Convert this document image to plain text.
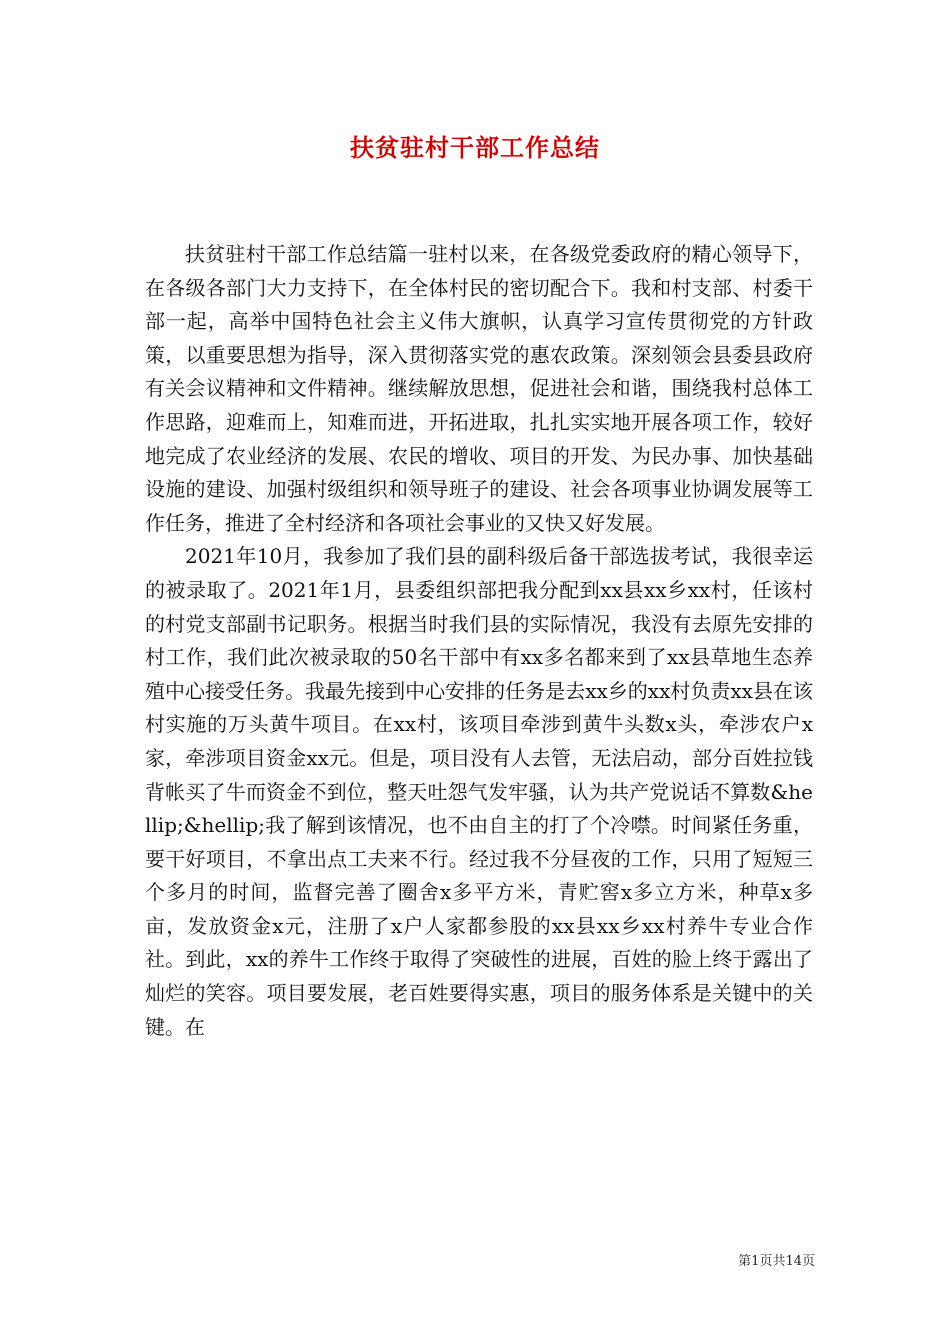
扶贫驻村干部工作总结

扶贫驻村干部工作总结篇一驻村以来，在各级党委政府的精心领导下，在各级各部门大力支持下，在全体村民的密切配合下。我和村支部、村委干部一起，高举中国特色社会主义伟大旗帜，认真学习宣传贯彻党的方针政策，以重要思想为指导，深入贯彻落实党的惠农政策。深刻领会县委县政府有关会议精神和文件精神。继续解放思想，促进社会和谐，围绕我村总体工作思路，迎难而上，知难而进，开拓进取，扎扎实实地开展各项工作，较好地完成了农业经济的发展、农民的增收、项目的开发、为民办事、加快基础设施的建设、加强村级组织和领导班子的建设、社会各项事业协调发展等工作任务，推进了全村经济和各项社会事业的又快又好发展。

2021年10月，我参加了我们县的副科级后备干部选拔考试，我很幸运的被录取了。2021年1月，县委组织部把我分配到xx县xx乡xx村，任该村的村党支部副书记职务。根据当时我们县的实际情况，我没有去原先安排的村工作，我们此次被录取的50名干部中有xx多名都来到了xx县草地生态养殖中心接受任务。我最先接到中心安排的任务是去xx乡的xx村负责xx县在该村实施的万头黄牛项目。在xx村，该项目牵涉到黄牛头数x头，牵涉农户x家，牵涉项目资金xx元。但是，项目没有人去管，无法启动，部分百姓拉钱背帐买了牛而资金不到位，整天吐怨气发牢骚，认为共产党说话不算数&hellip;&hellip;我了解到该情况，也不由自主的打了个冷噤。时间紧任务重，要干好项目，不拿出点工夫来不行。经过我不分昼夜的工作，只用了短短三个多月的时间，监督完善了圈舍x多平方米，青贮窖x多立方米，种草x多亩，发放资金x元，注册了x户人家都参股的xx县xx乡xx村养牛专业合作社。到此，xx的养牛工作终于取得了突破性的进展，百姓的脸上终于露出了灿烂的笑容。项目要发展，老百姓要得实惠，项目的服务体系是关键中的关键。在

第1页共14页
